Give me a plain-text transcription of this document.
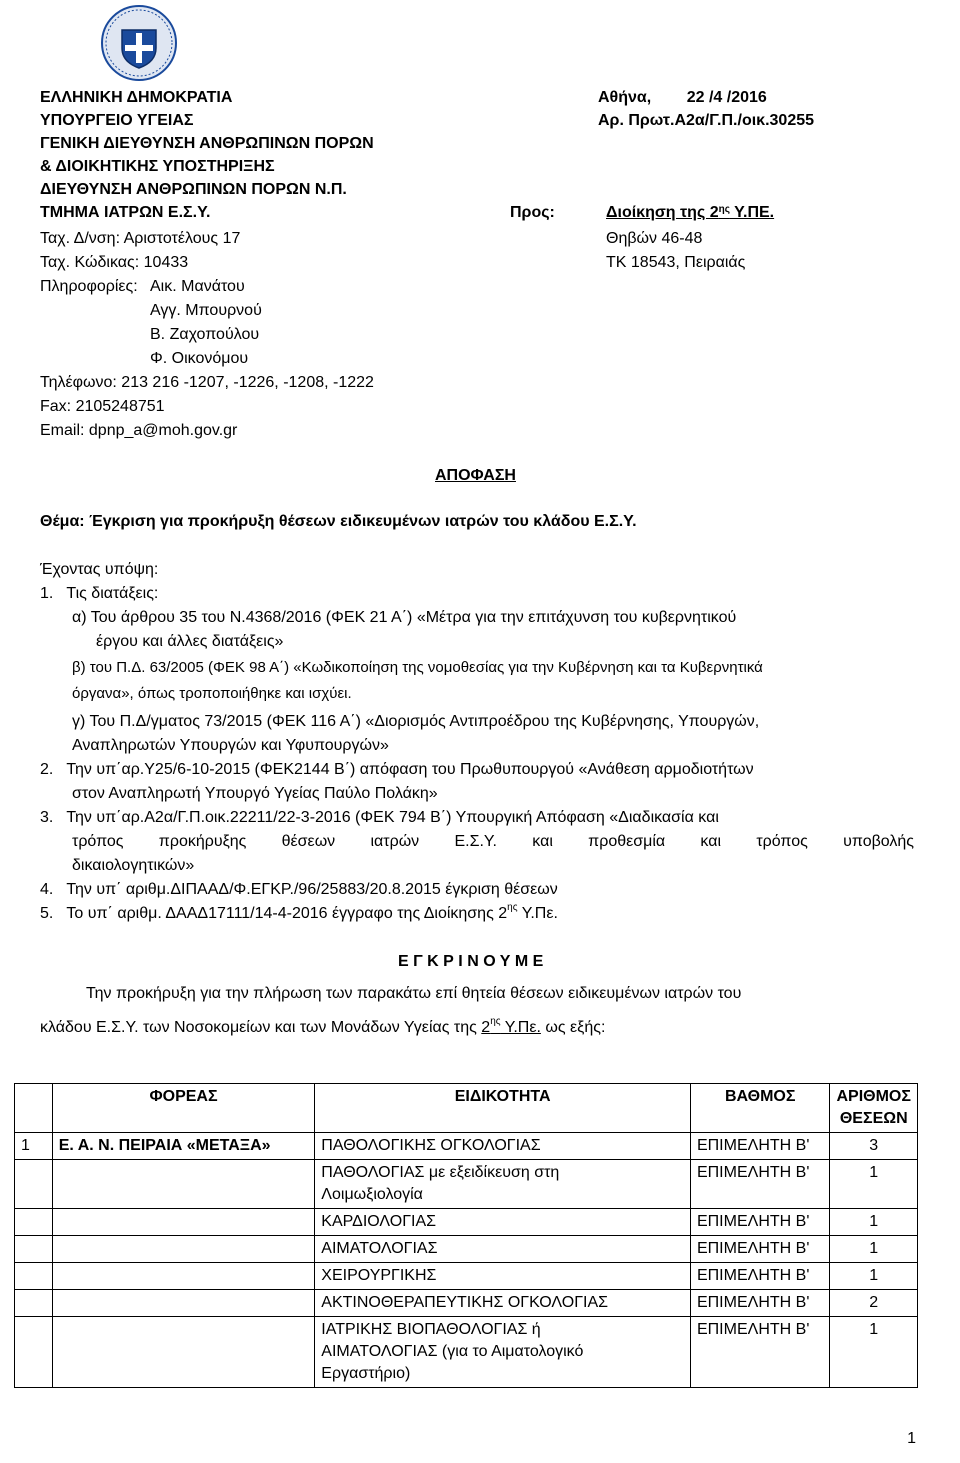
ΕΛΛΗΝΙΚΗ ΔΗΜΟΚΡΑΤΙΑ
ΥΠΟΥΡΓΕΙΟ ΥΓΕΙΑΣ
ΓΕΝΙΚΗ ΔΙΕΥΘΥΝΣΗ ΑΝΘΡΩΠΙΝΩΝ ΠΟΡΩΝ
& ΔΙΟΙΚΗΤΙΚΗΣ ΥΠΟΣΤΗΡΙΞΗΣ
ΔΙΕΥΘΥΝΣΗ ΑΝΘΡΩΠΙΝΩΝ ΠΟΡΩΝ Ν.Π.
ΤΜΗΜΑ ΙΑΤΡΩΝ Ε.Σ.Υ.
Ταχ. Δ/νση: Αριστοτέλους 17
Ταχ. Κώδικας: 10433
Πληροφορίες: Αικ. Μανάτου
Αγγ. Μπουρνού
Β. Ζαχοπούλου
Φ. Οικονόμου
Τηλέφωνο: 213 216 -1207, -1226, -1208, -1222
Fax: 2105248751
Email: dpnp_a@moh.gov.gr
Αθήνα,        22 /4 /2016
Αρ. Πρωτ.Α2α/Γ.Π./οικ.30255
Προς:	Διοίκηση της $2^{\eta\varsigma}$ Υ.ΠΕ.
Θηβών 46-48
ΤΚ 18543, Πειραιάς
ΑΠΟΦΑΣΗ
Θέμα: Έγκριση για προκήρυξη θέσεων ειδικευμένων ιατρών του κλάδου Ε.Σ.Υ.
Έχοντας υπόψη:
1.   Τις διατάξεις:
α) Του άρθρου 35 του Ν.4368/2016 (ΦΕΚ 21 Α΄) «Μέτρα για την επιτάχυνση του κυβερνητικού
έργου και άλλες διατάξεις»
β) του Π.Δ. 63/2005 (ΦΕΚ 98 Α΄) «Κωδικοποίηση της νομοθεσίας για την Κυβέρνηση και τα Κυβερνητικά
όργανα», όπως τροποποιήθηκε και ισχύει.
γ) Του Π.Δ/γματος 73/2015 (ΦΕΚ 116 Α΄) «Διορισμός Αντιπροέδρου της Κυβέρνησης, Υπουργών,
Αναπληρωτών Υπουργών και Υφυπουργών»
2.   Την υπ΄αρ.Υ25/6-10-2015 (ΦΕΚ2144 Β΄) απόφαση του Πρωθυπουργού «Ανάθεση αρμοδιοτήτων
στον Αναπληρωτή Υπουργό Υγείας Παύλο Πολάκη»
3.   Την υπ΄αρ.Α2α/Γ.Π.οικ.22211/22-3-2016 (ΦΕΚ 794 Β΄) Υπουργική Απόφαση «Διαδικασία και
τρόπος προκήρυξης θέσεων ιατρών Ε.Σ.Υ. και προθεσμία και τρόπος υποβολής
δικαιολογητικών»
4.   Την υπ΄ αριθμ.ΔΙΠΑΑΔ/Φ.ΕΓΚΡ./96/25883/20.8.2015 έγκριση θέσεων
5.   Το υπ΄ αριθμ. ΔΑΑΔ17111/14-4-2016 έγγραφο της Διοίκησης $2^{\eta\varsigma}$ Υ.Πε.
Ε Γ Κ Ρ Ι Ν Ο Υ Μ Ε
Την προκήρυξη για την πλήρωση των παρακάτω επί θητεία θέσεων ειδικευμένων ιατρών του
κλάδου Ε.Σ.Υ. των Νοσοκομείων και των Μονάδων Υγείας της $2^{\eta\varsigma}$ Υ.Πε. ως εξής:
	ΦΟΡΕΑΣ	ΕΙΔΙΚΟΤΗΤΑ	ΒΑΘΜΟΣ	ΑΡΙΘΜΟΣ ΘΕΣΕΩΝ
1	Ε. Α. Ν. ΠΕΙΡΑΙΑ «ΜΕΤΑΞΑ»	ΠΑΘΟΛΟΓΙΚΗΣ ΟΓΚΟΛΟΓΙΑΣ	ΕΠΙΜΕΛΗΤΗ Β'	3
		ΠΑΘΟΛΟΓΙΑΣ με εξειδίκευση στη Λοιμωξιολογία	ΕΠΙΜΕΛΗΤΗ Β'	1
		ΚΑΡΔΙΟΛΟΓΙΑΣ	ΕΠΙΜΕΛΗΤΗ Β'	1
		ΑΙΜΑΤΟΛΟΓΙΑΣ	ΕΠΙΜΕΛΗΤΗ Β'	1
		ΧΕΙΡΟΥΡΓΙΚΗΣ	ΕΠΙΜΕΛΗΤΗ Β'	1
		ΑΚΤΙΝΟΘΕΡΑΠΕΥΤΙΚΗΣ ΟΓΚΟΛΟΓΙΑΣ	ΕΠΙΜΕΛΗΤΗ Β'	2
		ΙΑΤΡΙΚΗΣ ΒΙΟΠΑΘΟΛΟΓΙΑΣ ή ΑΙΜΑΤΟΛΟΓΙΑΣ (για το Αιματολογικό Εργαστήριο)	ΕΠΙΜΕΛΗΤΗ Β'	1
1
